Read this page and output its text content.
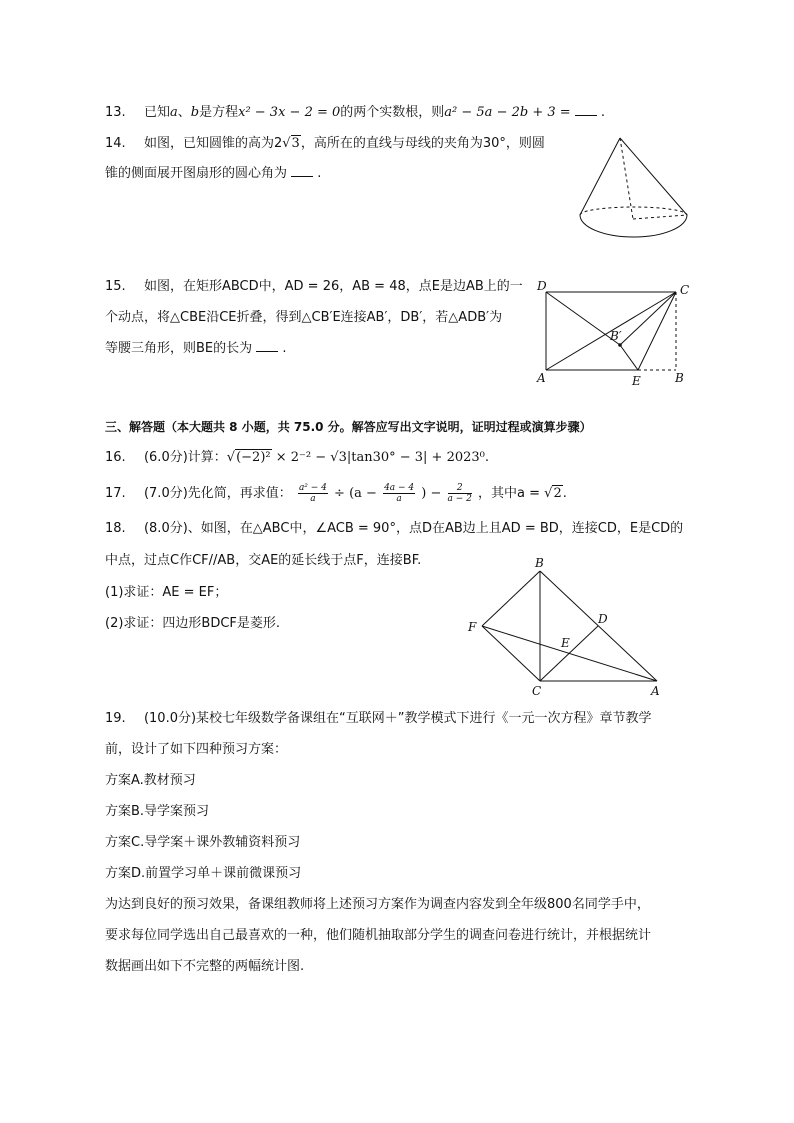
13. 已知a、b是方程x² − 3x − 2 = 0的两个实数根，则a² − 5a − 2b + 3 = .
14. 如图，已知圆锥的高为2√3，高所在的直线与母线的夹角为30°，则圆
锥的侧面展开图扇形的圆心角为 .
15. 如图，在矩形ABCD中，AD = 26，AB = 48，点E是边AB上的一
个动点，将△CBE沿CE折叠，得到△CB′E连接AB′，DB′，若△ADB′为
等腰三角形，则BE的长为 .
D	C
B′
A	E	B
三、解答题（本大题共 8 小题，共 75.0 分。解答应写出文字说明，证明过程或演算步骤）
16. (6.0分)计算：√(−2)² × 2⁻² − √3|tan30° − 3| + 2023⁰.
17. (7.0分)先化简，再求值： $\frac{\text{a² − 4}}{a} \div (a - \frac{4a - 4}{a}$ ) − $\frac{2}{a - 2}$ ，其中a = √2.
18. (8.0分)、如图，在△ABC中，∠ACB = 90°，点D在AB边上且AD = BD，连接CD，E是CD的
中点，过点C作CF//AB，交AE的延长线于点F，连接BF.
(1)求证：AE = EF；
(2)求证：四边形BDCF是菱形.
B
D
F
E
C	A
19. (10.0分)某校七年级数学备课组在“互联网＋”教学模式下进行《一元一次方程》章节教学
前，设计了如下四种预习方案：
方案A.教材预习
方案B.导学案预习
方案C.导学案＋课外教辅资料预习
方案D.前置学习单＋课前微课预习
为达到良好的预习效果，备课组教师将上述预习方案作为调查内容发到全年级800名同学手中，
要求每位同学选出自己最喜欢的一种，他们随机抽取部分学生的调查问卷进行统计，并根据统计
数据画出如下不完整的两幅统计图.
